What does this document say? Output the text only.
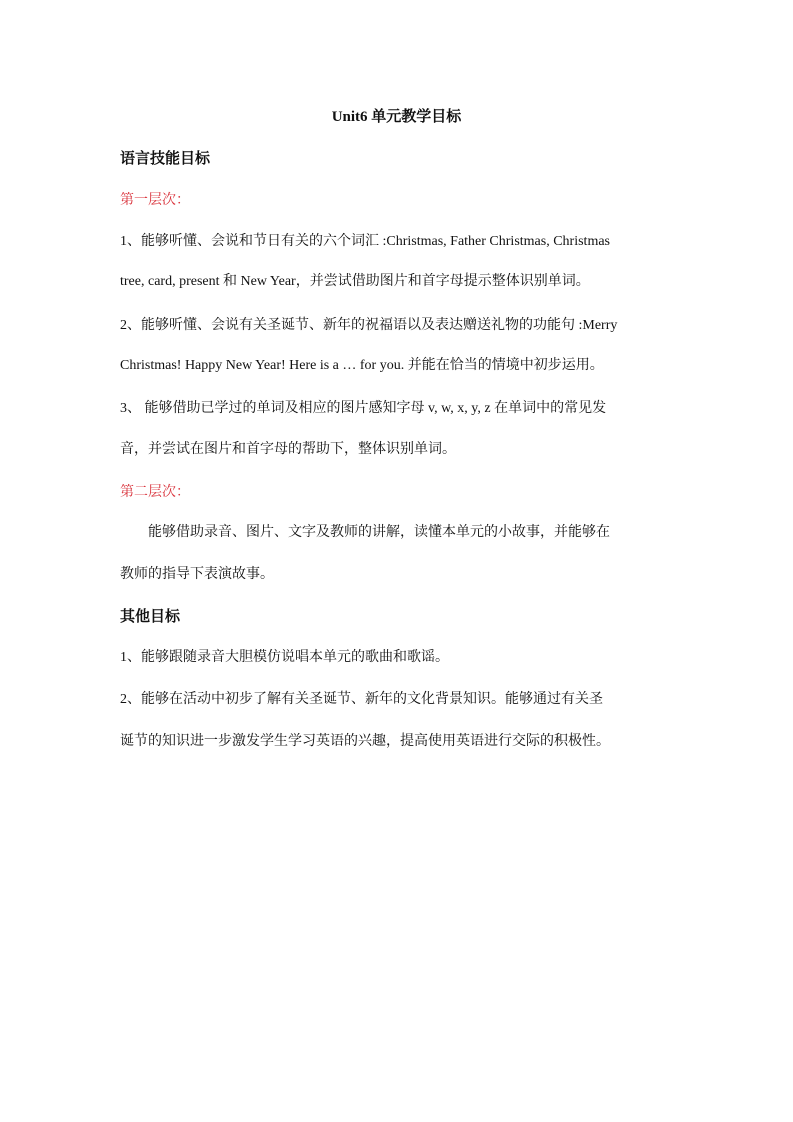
Unit6 单元教学目标
语言技能目标
第一层次：
1、能够听懂、会说和节日有关的六个词汇 :Christmas, Father Christmas, Christmas
tree, card, present 和 New Year，并尝试借助图片和首字母提示整体识别单词。
2、能够听懂、会说有关圣诞节、新年的祝福语以及表达赠送礼物的功能句 :Merry
Christmas! Happy New Year! Here is a … for you. 并能在恰当的情境中初步运用。
3、 能够借助已学过的单词及相应的图片感知字母 v, w, x, y, z 在单词中的常见发
音，并尝试在图片和首字母的帮助下，整体识别单词。
第二层次：
能够借助录音、图片、文字及教师的讲解，读懂本单元的小故事，并能够在
教师的指导下表演故事。
其他目标
1、能够跟随录音大胆模仿说唱本单元的歌曲和歌谣。
2、能够在活动中初步了解有关圣诞节、新年的文化背景知识。能够通过有关圣
诞节的知识进一步激发学生学习英语的兴趣，提高使用英语进行交际的积极性。
